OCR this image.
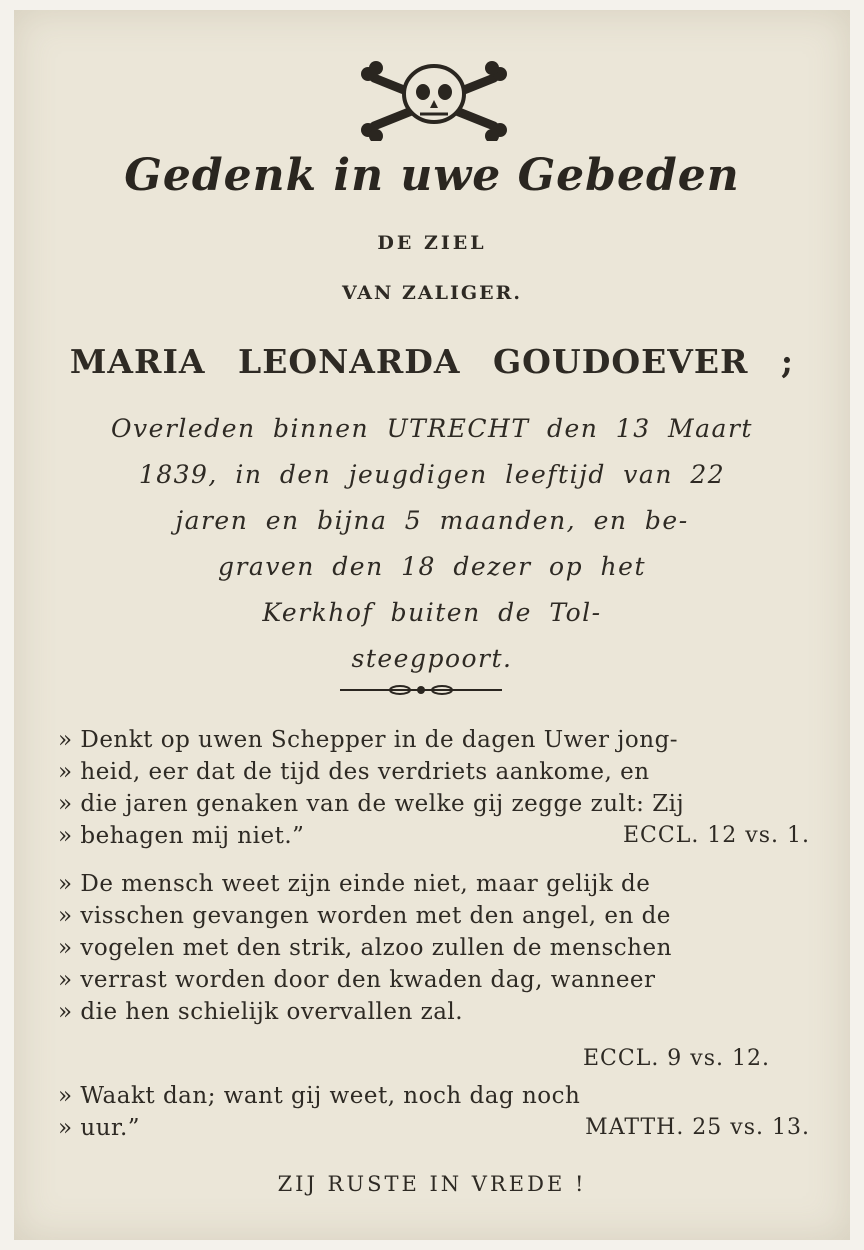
Gedenk in uwe Gebeden
DE ZIEL
VAN ZALIGER.
MARIA LEONARDA GOUDOEVER ;

Overleden binnen UTRECHT den 13 Maart

1839, in den jeugdigen leeftijd van 22

jaren en bijna 5 maanden, en be-

graven den 18 dezer op het

Kerkhof buiten de Tol-

steegpoort.

» Denkt op uwen Schepper in de dagen Uwer jong-

» heid, eer dat de tijd des verdriets aankome, en

» die jaren genaken van de welke gij zegge zult: Zij

» behagen mij niet.”	ECCL. 12 vs. 1.

» De mensch weet zijn einde niet, maar gelijk de

» visschen gevangen worden met den angel, en de

» vogelen met den strik, alzoo zullen de menschen

» verrast worden door den kwaden dag, wanneer

» die hen schielijk overvallen zal.

ECCL. 9 vs. 12.

» Waakt dan; want gij weet, noch dag noch

» uur.”	MATTH. 25 vs. 13.
ZIJ RUSTE IN VREDE !
